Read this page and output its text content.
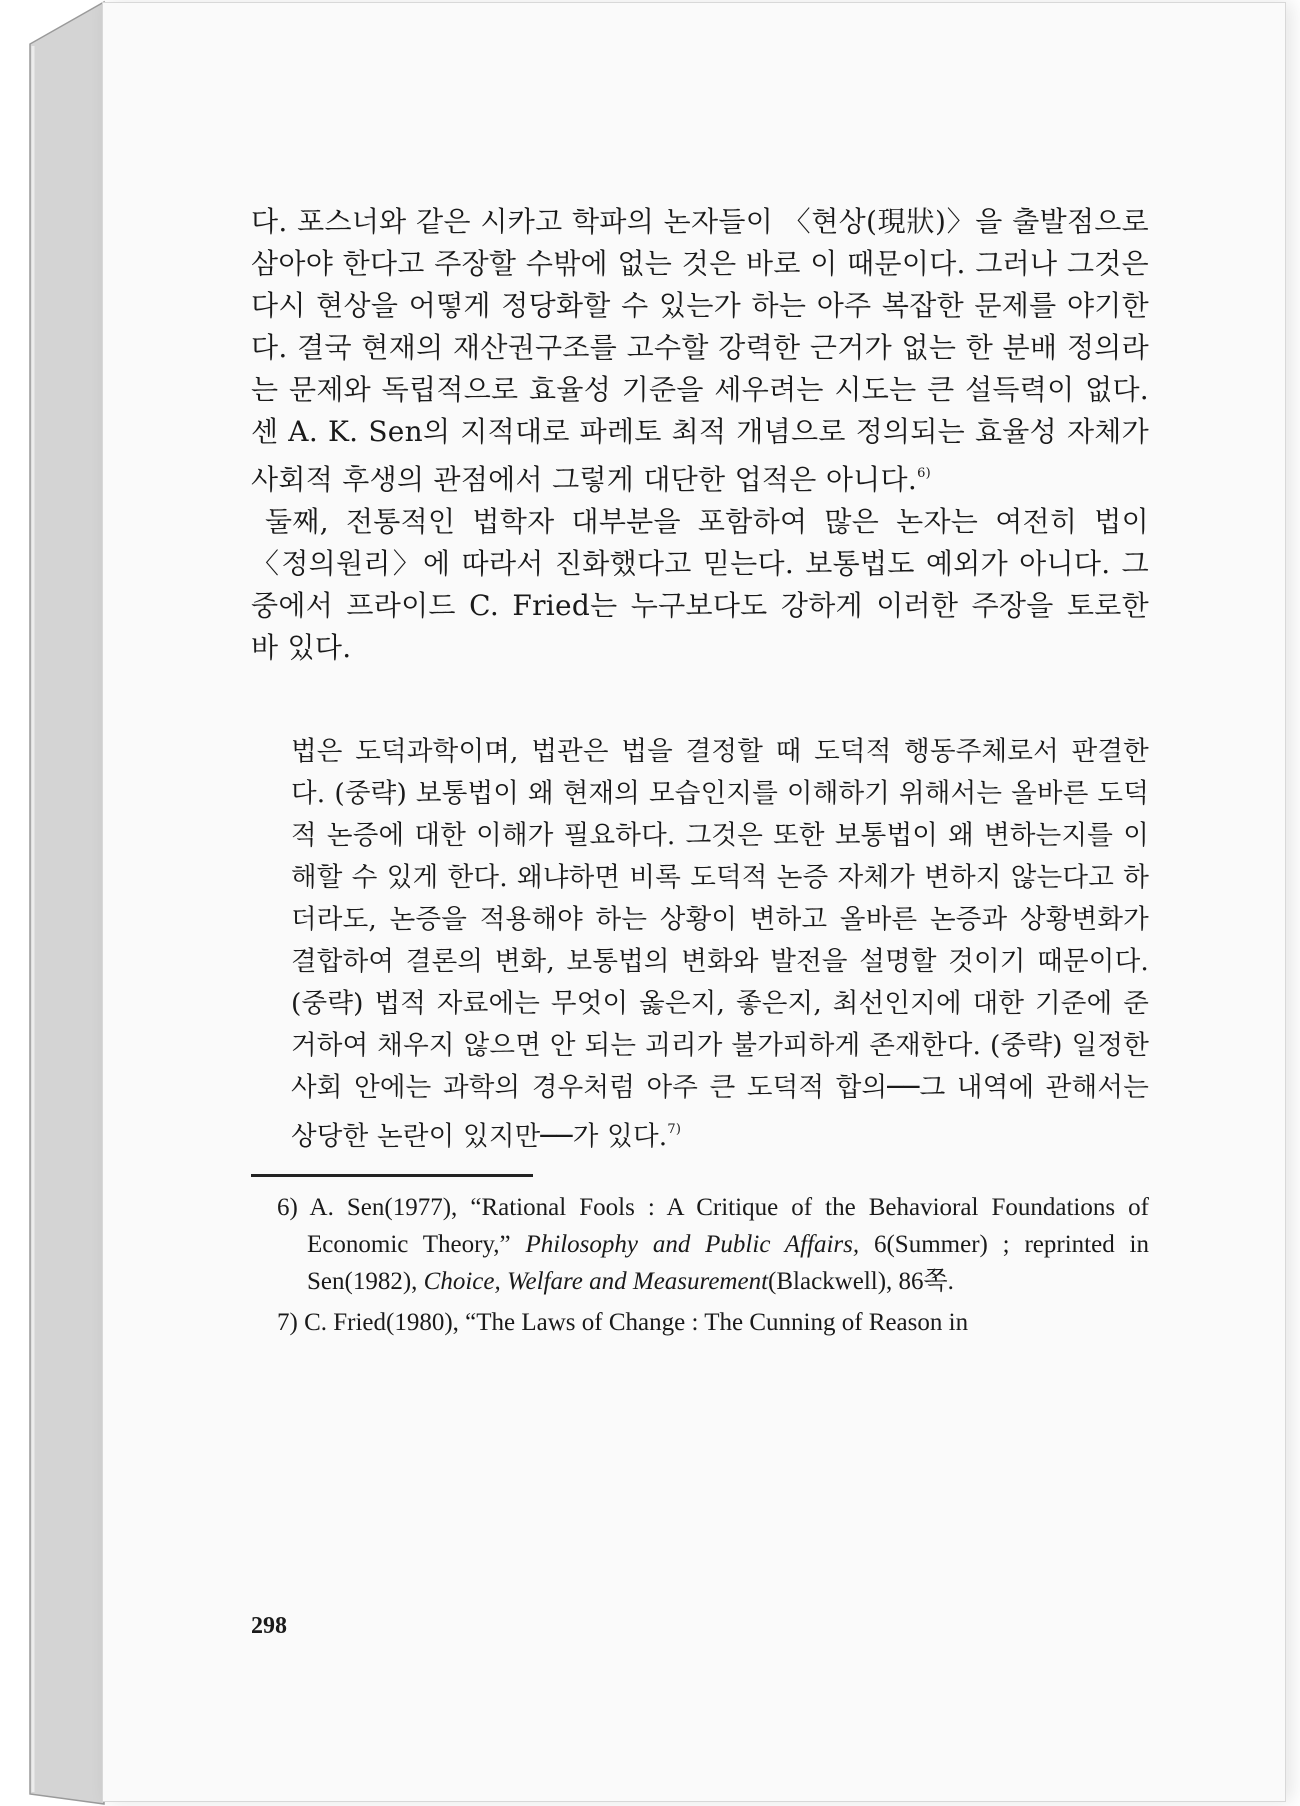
다. 포스너와 같은 시카고 학파의 논자들이 〈현상(現狀)〉을 출발점으로 삼아야 한다고 주장할 수밖에 없는 것은 바로 이 때문이다. 그러나 그것은 다시 현상을 어떻게 정당화할 수 있는가 하는 아주 복잡한 문제를 야기한다. 결국 현재의 재산권구조를 고수할 강력한 근거가 없는 한 분배 정의라는 문제와 독립적으로 효율성 기준을 세우려는 시도는 큰 설득력이 없다. 센 A. K. Sen의 지적대로 파레토 최적 개념으로 정의되는 효율성 자체가 사회적 후생의 관점에서 그렇게 대단한 업적은 아니다.$^{6)}$

둘째, 전통적인 법학자 대부분을 포함하여 많은 논자는 여전히 법이 〈정의원리〉에 따라서 진화했다고 믿는다. 보통법도 예외가 아니다. 그 중에서 프라이드 C. Fried는 누구보다도 강하게 이러한 주장을 토로한 바 있다.

법은 도덕과학이며, 법관은 법을 결정할 때 도덕적 행동주체로서 판결한다. (중략) 보통법이 왜 현재의 모습인지를 이해하기 위해서는 올바른 도덕적 논증에 대한 이해가 필요하다. 그것은 또한 보통법이 왜 변하는지를 이해할 수 있게 한다. 왜냐하면 비록 도덕적 논증 자체가 변하지 않는다고 하더라도, 논증을 적용해야 하는 상황이 변하고 올바른 논증과 상황변화가 결합하여 결론의 변화, 보통법의 변화와 발전을 설명할 것이기 때문이다. (중략) 법적 자료에는 무엇이 옳은지, 좋은지, 최선인지에 대한 기준에 준거하여 채우지 않으면 안 되는 괴리가 불가피하게 존재한다. (중략) 일정한 사회 안에는 과학의 경우처럼 아주 큰 도덕적 합의──그 내역에 관해서는 상당한 논란이 있지만──가 있다.$^{7)}$

6) A. Sen(1977), “Rational Fools : A Critique of the Behavioral Foundations of Economic Theory,” Philosophy and Public Affairs, 6(Summer) ; reprinted in Sen(1982), Choice, Welfare and Measurement(Blackwell), 86쪽.

7) C. Fried(1980), “The Laws of Change : The Cunning of Reason in

298
